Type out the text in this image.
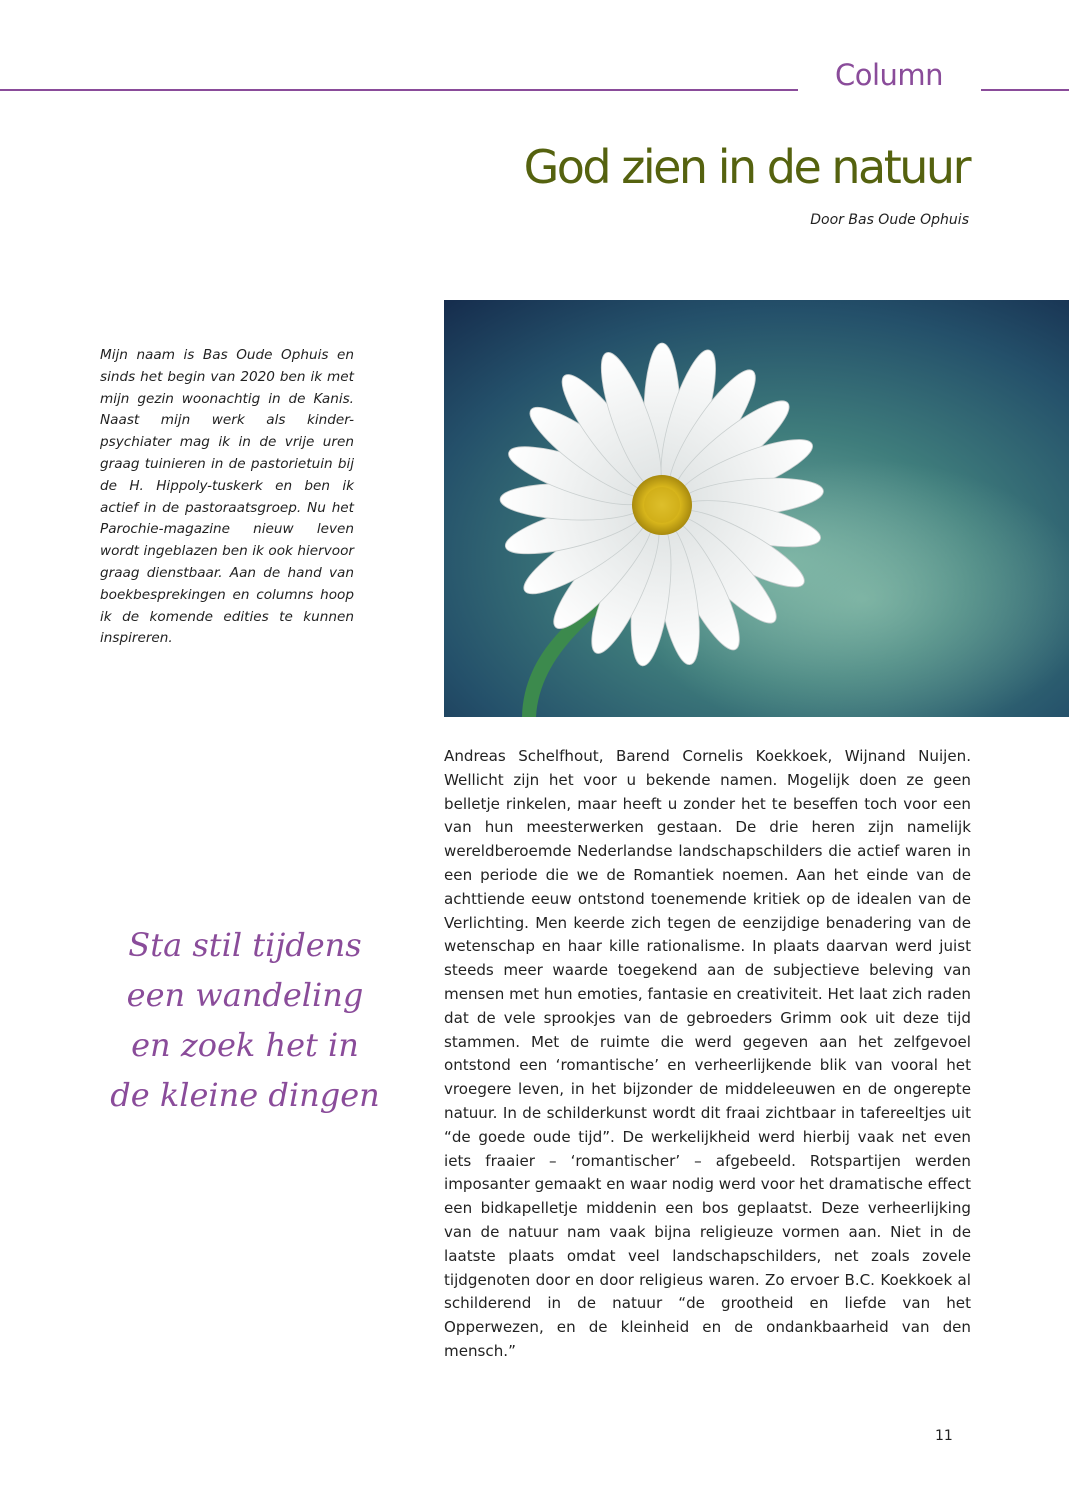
Column
God zien in de natuur
Door Bas Oude Ophuis
Mijn naam is Bas Oude Ophuis en sinds het begin van 2020 ben ik met mijn gezin woonachtig in de Kanis. Naast mijn werk als kinder-psychiater mag ik in de vrije uren graag tuinieren in de pastorietuin bij de H. Hippoly-tuskerk en ben ik actief in de pastoraatsgroep. Nu het Parochie-magazine nieuw leven wordt ingeblazen ben ik ook hiervoor graag dienstbaar. Aan de hand van boekbesprekingen en columns hoop ik de komende edities te kunnen inspireren.
Sta stil tijdens
een wandeling
en zoek het in
de kleine dingen
Andreas Schelfhout, Barend Cornelis Koekkoek, Wijnand Nuijen. Wellicht zijn het voor u bekende namen. Mogelijk doen ze geen belletje rinkelen, maar heeft u zonder het te beseffen toch voor een van hun meesterwerken gestaan. De drie heren zijn namelijk wereldberoemde Nederlandse landschapschilders die actief waren in een periode die we de Romantiek noemen. Aan het einde van de achttiende eeuw ontstond toenemende kritiek op de idealen van de Verlichting. Men keerde zich tegen de eenzijdige benadering van de wetenschap en haar kille rationalisme. In plaats daarvan werd juist steeds meer waarde toegekend aan de subjectieve beleving van mensen met hun emoties, fantasie en creativiteit. Het laat zich raden dat de vele sprookjes van de gebroeders Grimm ook uit deze tijd stammen. Met de ruimte die werd gegeven aan het zelfgevoel ontstond een ‘romantische’ en verheerlijkende blik van vooral het vroegere leven, in het bijzonder de middeleeuwen en de ongerepte natuur. In de schilderkunst wordt dit fraai zichtbaar in tafereeltjes uit “de goede oude tijd”. De werkelijkheid werd hierbij vaak net even iets fraaier – ‘romantischer’ – afgebeeld. Rotspartijen werden imposanter gemaakt en waar nodig werd voor het dramatische effect een bidkapelletje middenin een bos geplaatst. Deze verheerlijking van de natuur nam vaak bijna religieuze vormen aan. Niet in de laatste plaats omdat veel landschapschilders, net zoals zovele tijdgenoten door en door religieus waren. Zo ervoer B.C. Koekkoek al schilderend in de natuur “de grootheid en liefde van het Opperwezen, en de kleinheid en de ondankbaarheid van den mensch.”
11
